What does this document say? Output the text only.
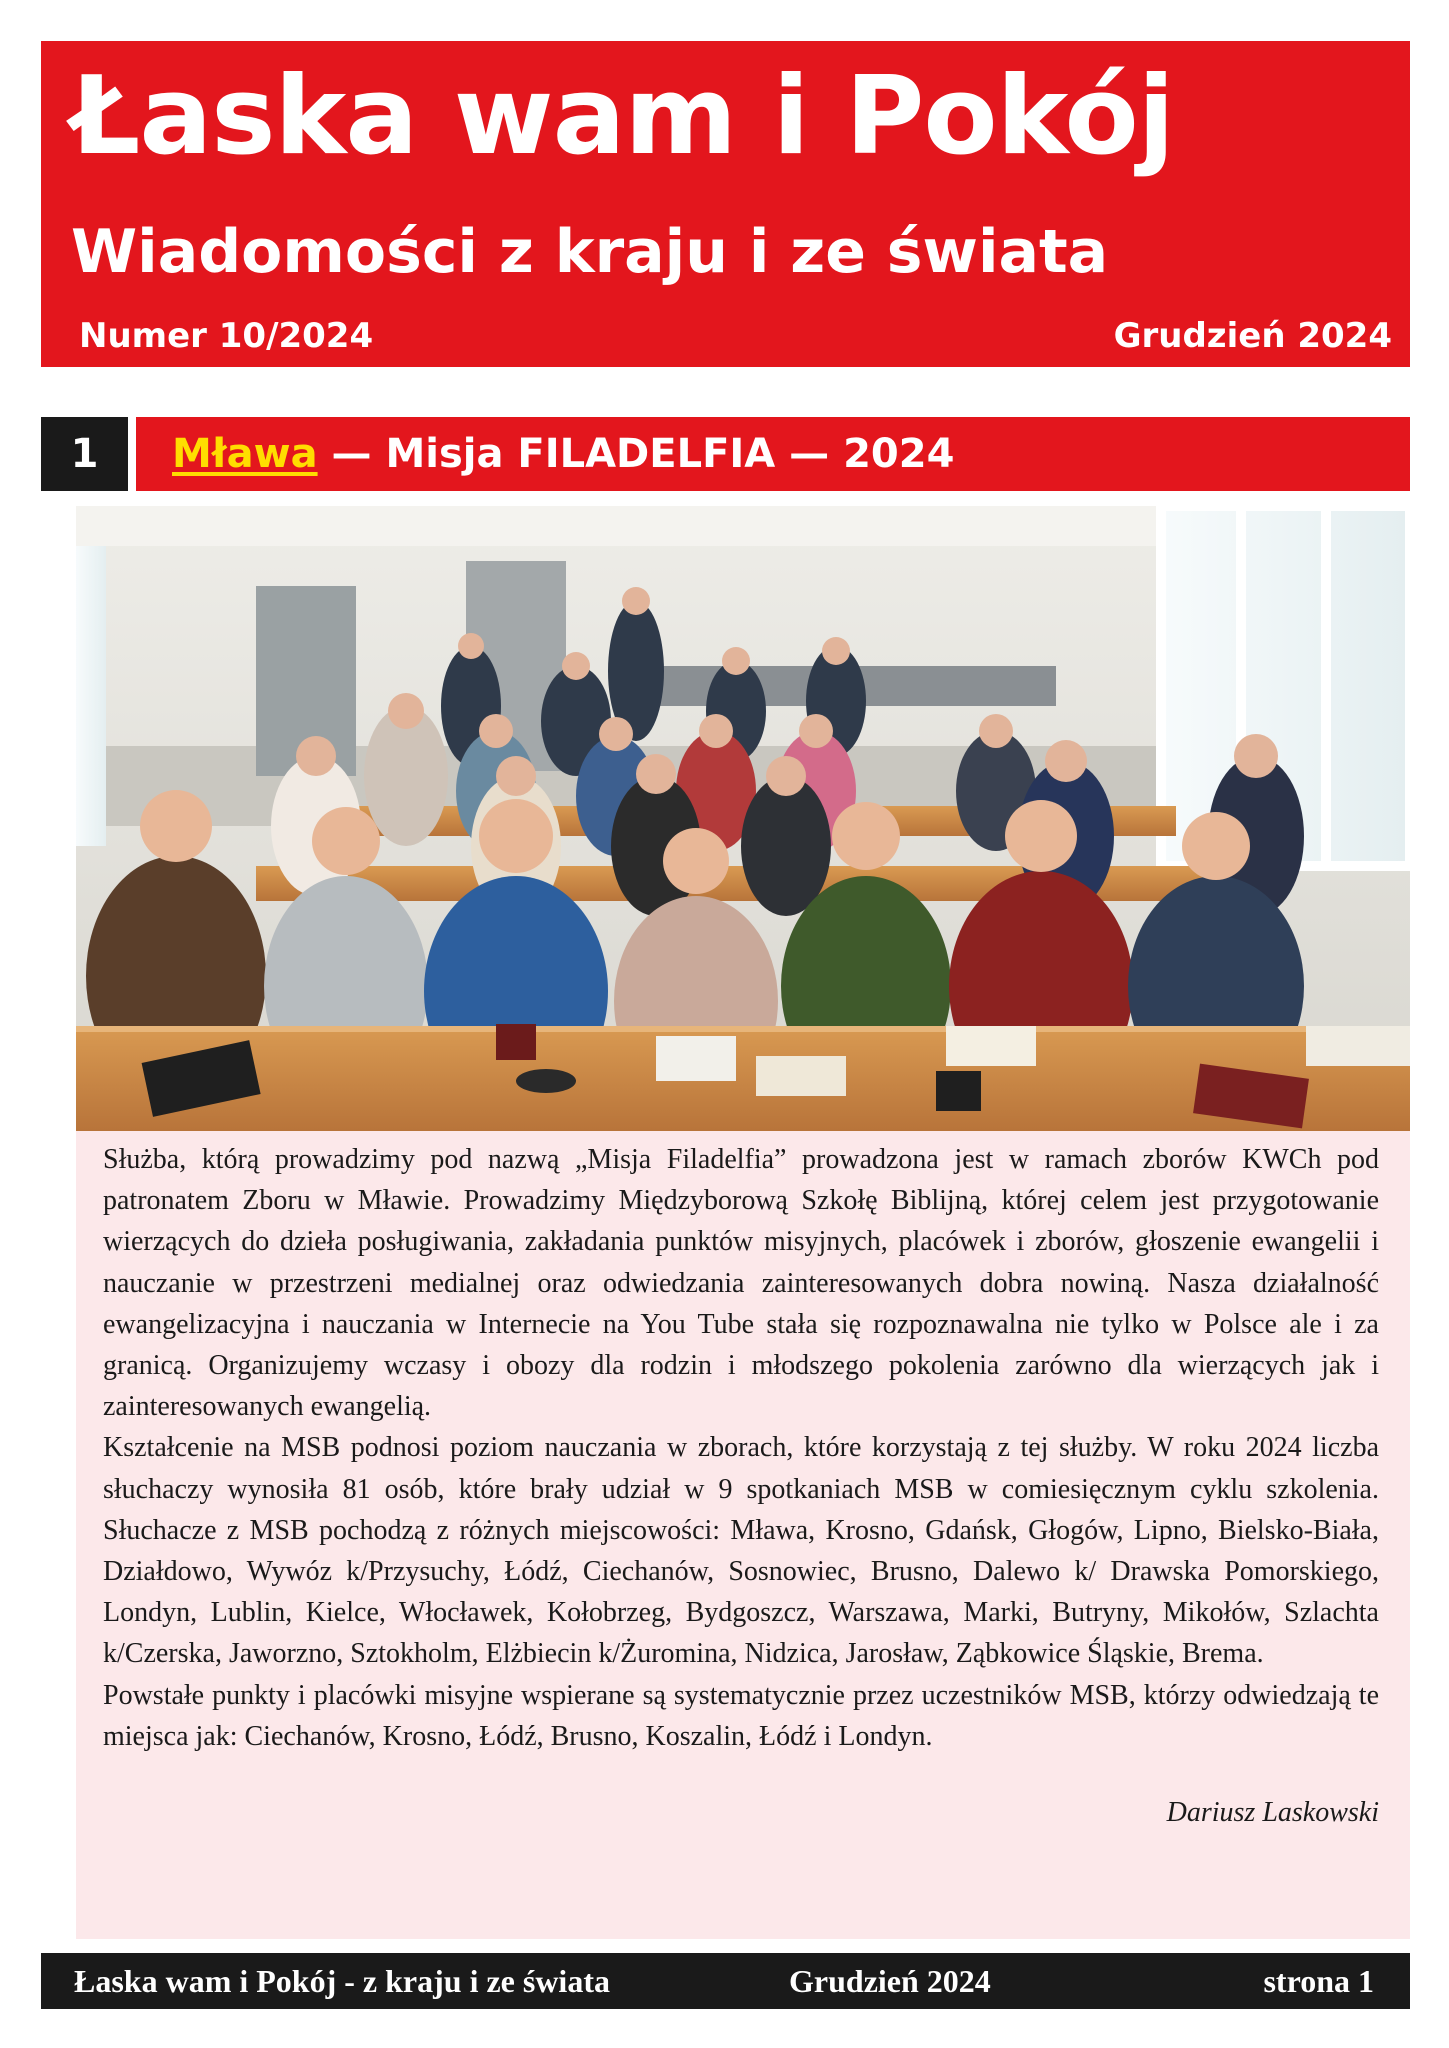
Łaska wam i Pokój
Wiadomości z kraju i ze świata
Numer 10/2024	Grudzień 2024
1	Mława — Misja FILADELFIA — 2024

Służba, którą prowadzimy pod nazwą „Misja Filadelfia” prowadzona jest w ramach zborów KWCh pod patronatem Zboru w Mławie. Prowadzimy Międzyborową Szkołę Biblijną, której celem jest przygotowanie wierzących do dzieła posługiwania, zakładania punktów misyjnych, placówek i zborów, głoszenie ewangelii i nauczanie w przestrzeni medialnej oraz odwiedzania zainteresowanych dobra nowiną. Nasza działalność ewangelizacyjna i nauczania w Internecie na You Tube stała się rozpoznawalna nie tylko w Polsce ale i za granicą. Organizujemy wczasy i obozy dla rodzin i młodszego pokolenia zarówno dla wierzących jak i zainteresowanych ewangelią.

Kształcenie na MSB podnosi poziom nauczania w zborach, które korzystają z tej służby. W roku 2024 liczba słuchaczy wynosiła 81 osób, które brały udział w 9 spotkaniach MSB w comiesięcznym cyklu szkolenia. Słuchacze z MSB pochodzą z różnych miejscowości: Mława, Krosno, Gdańsk, Głogów, Lipno, Bielsko-Biała, Działdowo, Wywóz k/Przysuchy, Łódź, Ciechanów, Sosnowiec, Brusno, Dalewo k/ Drawska Pomorskiego, Londyn, Lublin, Kielce, Włocławek, Kołobrzeg, Bydgoszcz, Warszawa, Marki, Butryny, Mikołów, Szlachta k/Czerska, Jaworzno, Sztokholm, Elżbiecin k/Żuromina, Nidzica, Jarosław, Ząbkowice Śląskie, Brema.

Powstałe punkty i placówki misyjne wspierane są systematycznie przez uczestników MSB, którzy odwiedzają te miejsca jak: Ciechanów, Krosno, Łódź, Brusno, Koszalin, Łódź i Londyn.

Dariusz Laskowski
Łaska wam i Pokój - z kraju i ze świata	Grudzień 2024	strona 1
